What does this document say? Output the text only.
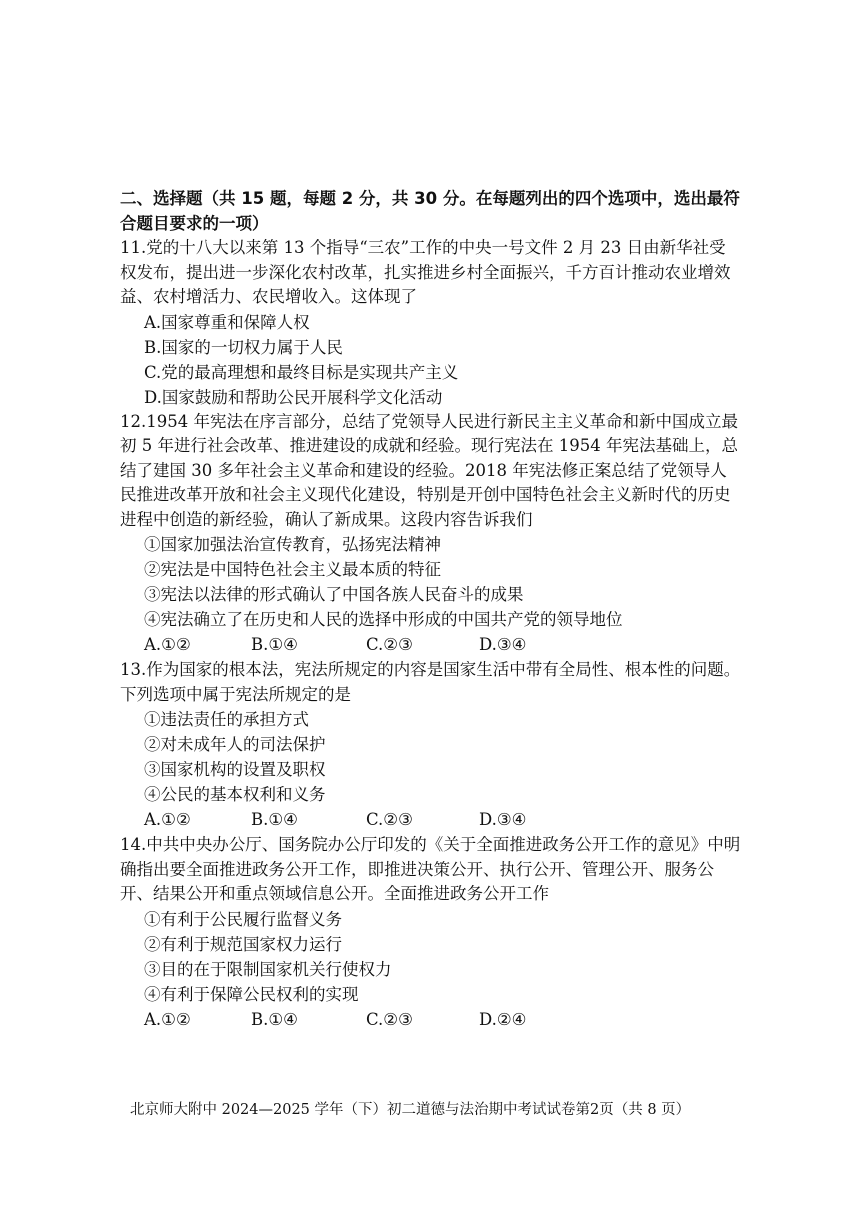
二、选择题（共 15 题，每题 2 分，共 30 分。在每题列出的四个选项中，选出最符合题目要求的一项）

11.党的十八大以来第 13 个指导“三农”工作的中央一号文件 2 月 23 日由新华社受权发布，提出进一步深化农村改革，扎实推进乡村全面振兴，千方百计推动农业增效益、农村增活力、农民增收入。这体现了

A.国家尊重和保障人权

B.国家的一切权力属于人民

C.党的最高理想和最终目标是实现共产主义

D.国家鼓励和帮助公民开展科学文化活动

12.1954 年宪法在序言部分，总结了党领导人民进行新民主主义革命和新中国成立最初 5 年进行社会改革、推进建设的成就和经验。现行宪法在 1954 年宪法基础上，总结了建国 30 多年社会主义革命和建设的经验。2018 年宪法修正案总结了党领导人民推进改革开放和社会主义现代化建设，特别是开创中国特色社会主义新时代的历史进程中创造的新经验，确认了新成果。这段内容告诉我们

①国家加强法治宣传教育，弘扬宪法精神

②宪法是中国特色社会主义最本质的特征

③宪法以法律的形式确认了中国各族人民奋斗的成果

④宪法确立了在历史和人民的选择中形成的中国共产党的领导地位

A.①②	B.①④	C.②③	D.③④

13.作为国家的根本法，宪法所规定的内容是国家生活中带有全局性、根本性的问题。下列选项中属于宪法所规定的是

①违法责任的承担方式

②对未成年人的司法保护

③国家机构的设置及职权

④公民的基本权利和义务

A.①②	B.①④	C.②③	D.③④

14.中共中央办公厅、国务院办公厅印发的《关于全面推进政务公开工作的意见》中明确指出要全面推进政务公开工作，即推进决策公开、执行公开、管理公开、服务公开、结果公开和重点领域信息公开。全面推进政务公开工作

①有利于公民履行监督义务

②有利于规范国家权力运行

③目的在于限制国家机关行使权力

④有利于保障公民权利的实现

A.①②	B.①④	C.②③	D.②④
北京师大附中 2024—2025 学年（下）初二道德与法治期中考试试卷第2页（共 8 页）
